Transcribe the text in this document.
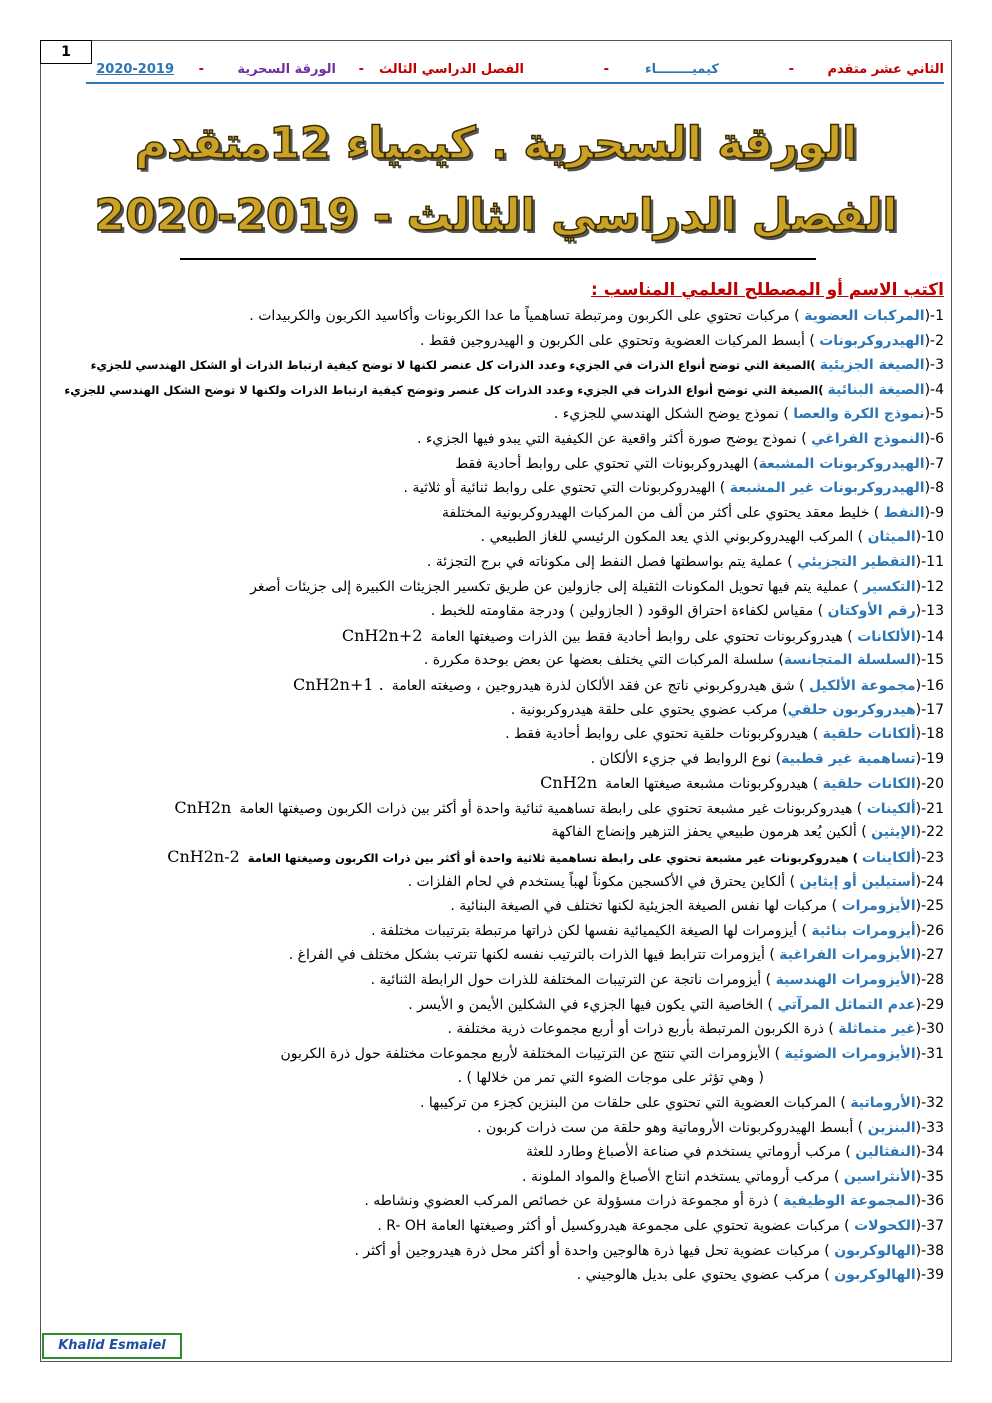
1
الثاني عشر متقدم
-
كيميــــــــاء
-
الفصل الدراسي الثالث
-
الورقة السحرية
-
2020-2019
الورقة السحرية . كيمياء 12متقدم
الفصل الدراسي الثالث - 2019-2020
اكتب الاسم أو المصطلح العلمي المناسب :
1-(المركبات العضوية ) مركبات تحتوي على الكربون ومرتبطة تساهمياً ما عدا الكربونات وأكاسيد الكربون والكربيدات .
2-(الهيدروكربونات ) أبسط المركبات العضوية وتحتوي على الكربون و الهيدروجين فقط .
3-(الصيغة الجزيئية )الصيغة التي توضح أنواع الذرات في الجزيء وعدد الذرات كل عنصر لكنها لا توضح كيفية ارتباط الذرات أو الشكل الهندسي للجزيء
4-(الصيغة البنائية )الصيغة التي توضح أنواع الذرات في الجزيء وعدد الذرات كل عنصر وتوضح كيفية ارتباط الذرات ولكنها لا توضح الشكل الهندسي للجزيء
5-(نموذج الكرة والعصا ) نموذج يوضح الشكل الهندسي للجزيء .
6-(النموذج الفراغي ) نموذج يوضح صورة أكثر واقعية عن الكيفية التي يبدو فيها الجزيء .
7-(الهيدروكربونات المشبعة) الهيدروكربونات التي تحتوي على روابط أحادية فقط
8-(الهيدروكربونات غير المشبعة ) الهيدروكربونات التي تحتوي على روابط ثنائية أو ثلاثية .
9-(النفط ) خليط معقد يحتوي على أكثر من ألف من المركبات الهيدروكربونية المختلفة
10-(الميثان ) المركب الهيدروكربوني الذي يعد المكون الرئيسي للغاز الطبيعي .
11-(التقطير التجزيئي ) عملية يتم بواسطتها فصل النفط إلى مكوناته في برج التجزئة .
12-(التكسير ) عملية يتم فيها تحويل المكونات الثقيلة إلى جازولين عن طريق تكسير الجزيئات الكبيرة إلى جزيئات أصغر
13-(رقم الأوكتان ) مقياس لكفاءة احتراق الوقود ( الجازولين ) ودرجة مقاومته للخبط .
14-(الألكانات ) هيدروكربونات تحتوي على روابط أحادية فقط بين الذرات وصيغتها العامةCnH2n+2
15-(السلسلة المتجانسة) سلسلة المركبات التي يختلف بعضها عن بعض بوحدة مكررة .
16-(مجموعة الألكيل ) شق هيدروكربوني ناتج عن فقد الألكان لذرة هيدروجين ، وصيغته العامةCnH2n+1 .
17-(هيدروكربون حلقي) مركب عضوي يحتوي على حلقة هيدروكربونية .
18-(ألكانات حلقية ) هيدروكربونات حلقية تحتوي على روابط أحادية فقط .
19-(تساهمية غير قطبية) نوع الروابط في جزيء الألكان .
20-(الكانات حلقية ) هيدروكربونات مشبعة صيغتها العامةCnH2n
21-(ألكينات ) هيدروكربونات غير مشبعة تحتوي على رابطة تساهمية ثنائية واحدة أو أكثر بين ذرات الكربون وصيغتها العامةCnH2n
22-(الإيثين ) ألكين يُعد هرمون طبيعي يحفز التزهير وإنضاج الفاكهة
23-(ألكاينات ) هيدروكربونات غير مشبعة تحتوي على رابطة تساهمية ثلاثية واحدة أو أكثر بين ذرات الكربون وصيغتها العامةCnH2n-2
24-(أستيلين أو إيثاين ) ألكاين يحترق في الأكسجين مكوناً لهباً يستخدم في لحام الفلزات .
25-(الأيزومرات ) مركبات لها نفس الصيغة الجزيئية لكنها تختلف في الصيغة البنائية .
26-(أيزومرات بنائية ) أيزومرات لها الصيغة الكيميائية نفسها لكن ذراتها مرتبطة بترتيبات مختلفة .
27-(الأيزومرات الفراغية ) أيزومرات تترابط فيها الذرات بالترتيب نفسه لكنها تترتب بشكل مختلف في الفراغ .
28-(الأيزومرات الهندسية ) أيزومرات ناتجة عن الترتيبات المختلفة للذرات حول الرابطة الثنائية .
29-(عدم التماثل المرآتي ) الخاصية التي يكون فيها الجزيء في الشكلين الأيمن و الأيسر .
30-(غير متماثلة ) ذرة الكربون المرتبطة بأربع ذرات أو أربع مجموعات ذرية مختلفة .
31-(الأيزومرات الضوئية ) الأيزومرات التي تنتج عن الترتيبات المختلفة لأربع مجموعات مختلفة حول ذرة الكربون
( وهي تؤثر على موجات الضوء التي تمر من خلالها ) .
32-(الأروماتية ) المركبات العضوية التي تحتوي على حلقات من البنزين كجزء من تركيبها .
33-(البنزين ) أبسط الهيدروكربونات الأروماتية وهو حلقة من ست ذرات كربون .
34-(النفثالين ) مركب أروماتي يستخدم في صناعة الأصباغ وطارد للعثة
35-(الأنثراسين ) مركب أروماتي يستخدم انتاج الأصباغ والمواد الملونة .
36-(المجموعة الوظيفية ) ذرة أو مجموعة ذرات مسؤولة عن خصائص المركب العضوي ونشاطه .
37-(الكحولات ) مركبات عضوية تحتوي على مجموعة هيدروكسيل أو أكثر وصيغتها العامة R- OH .
38-(الهالوكربون ) مركبات عضوية تحل فيها ذرة هالوجين واحدة أو أكثر محل ذرة هيدروجين أو أكثر .
39-(الهالوكربون ) مركب عضوي يحتوي على بديل هالوجيني .
Khalid Esmaiel
